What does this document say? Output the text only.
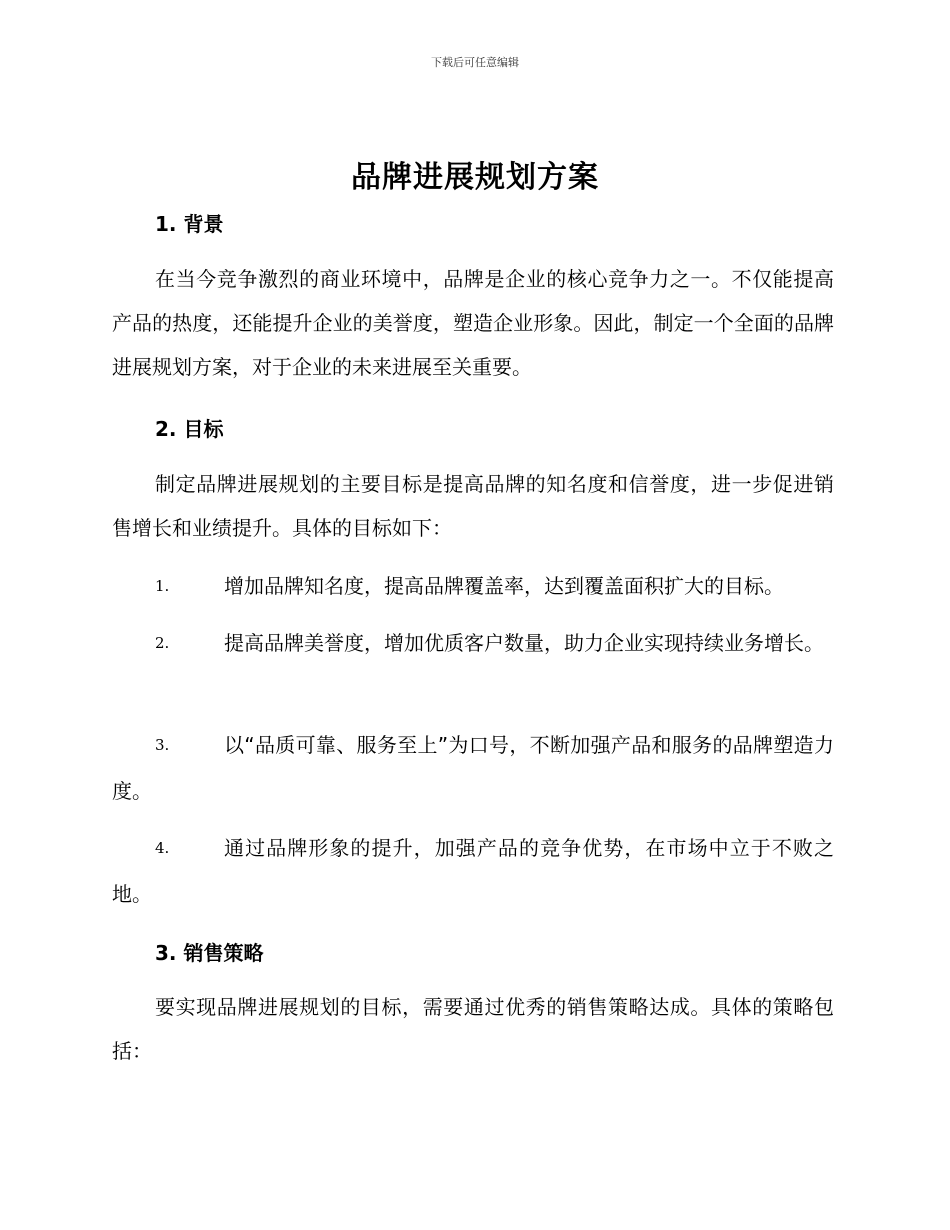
下载后可任意编辑
品牌进展规划方案
1. 背景
在当今竞争激烈的商业环境中，品牌是企业的核心竞争力之一。不仅能提高产品的热度，还能提升企业的美誉度，塑造企业形象。因此，制定一个全面的品牌进展规划方案，对于企业的未来进展至关重要。
2. 目标
制定品牌进展规划的主要目标是提高品牌的知名度和信誉度，进一步促进销售增长和业绩提升。具体的目标如下：
1.	增加品牌知名度，提高品牌覆盖率，达到覆盖面积扩大的目标。
2.	提高品牌美誉度，增加优质客户数量，助力企业实现持续业务增长。
3.	以“品质可靠、服务至上”为口号，不断加强产品和服务的品牌塑造力度。
4.	通过品牌形象的提升，加强产品的竞争优势，在市场中立于不败之地。
3. 销售策略
要实现品牌进展规划的目标，需要通过优秀的销售策略达成。具体的策略包括：
